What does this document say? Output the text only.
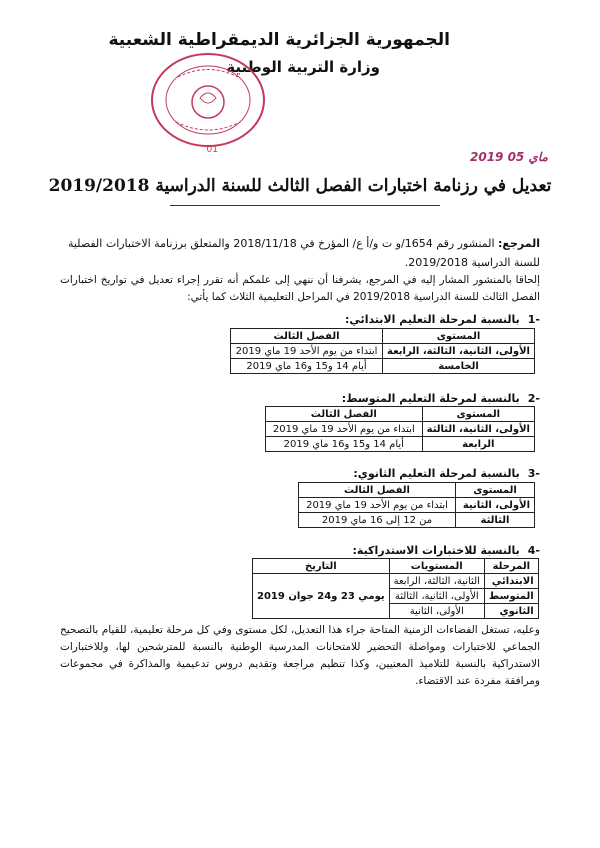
الجمهورية الجزائرية الديمقراطية الشعبية
وزارة التربية الوطنية
01	2019 ماي 05
تعديل في رزنامة اختبارات الفصل الثالث للسنة الدراسية 2019/2018
المرجع: المنشور رقم 1654/و ت و/أ ع/ المؤرخ في 2018/11/18 والمتعلق برزنامة الاختبارات الفصلية للسنة الدراسية 2019/2018.
إلحاقا بالمنشور المشار إليه في المرجع، يشرفنا أن ننهي إلى علمكم أنه تقرر إجراء تعديل في تواريخ اختبارات الفصل الثالث للسنة الدراسية 2019/2018 في المراحل التعليمية الثلاث كما يأتي:
-1بالنسبة لمرحلة التعليم الابتدائي:
المستوى	الفصل الثالث
الأولى، الثانية، الثالثة، الرابعة	ابتداء من يوم الأحد 19 ماي 2019
الخامسة	أيام 14 و15 و16 ماي 2019
-2بالنسبة لمرحلة التعليم المتوسط:
المستوى	الفصل الثالث
الأولى، الثانية، الثالثة	ابتداء من يوم الأحد 19 ماي 2019
الرابعة	أيام 14 و15 و16 ماي 2019
-3بالنسبة لمرحلة التعليم الثانوي:
المستوى	الفصل الثالث
الأولى، الثانية	ابتداء من يوم الأحد 19 ماي 2019
الثالثة	من 12 إلى 16 ماي 2019
-4بالنسبة للاختبارات الاستدراكية:
المرحلة	المستويات	التاريخ
الابتدائي	الثانية، الثالثة، الرابعة	يومي 23 و24 جوان 2019
المتوسط	الأولى، الثانية، الثالثة	
الثانوي	الأولى، الثانية	
وعليه، تستغل الفضاءات الزمنية المتاحة جراء هذا التعديل، لكل مستوى وفي كل مرحلة تعليمية، للقيام بالتصحيح الجماعي للاختبارات ومواصلة التحضير للامتحانات المدرسية الوطنية بالنسبة للمترشحين لها، وللاختبارات الاستدراكية بالنسبة للتلاميذ المعنيين، وكذا تنظيم مراجعة وتقديم دروس تدعيمية والمذاكرة في مجموعات ومرافقة مفردة عند الاقتضاء.
